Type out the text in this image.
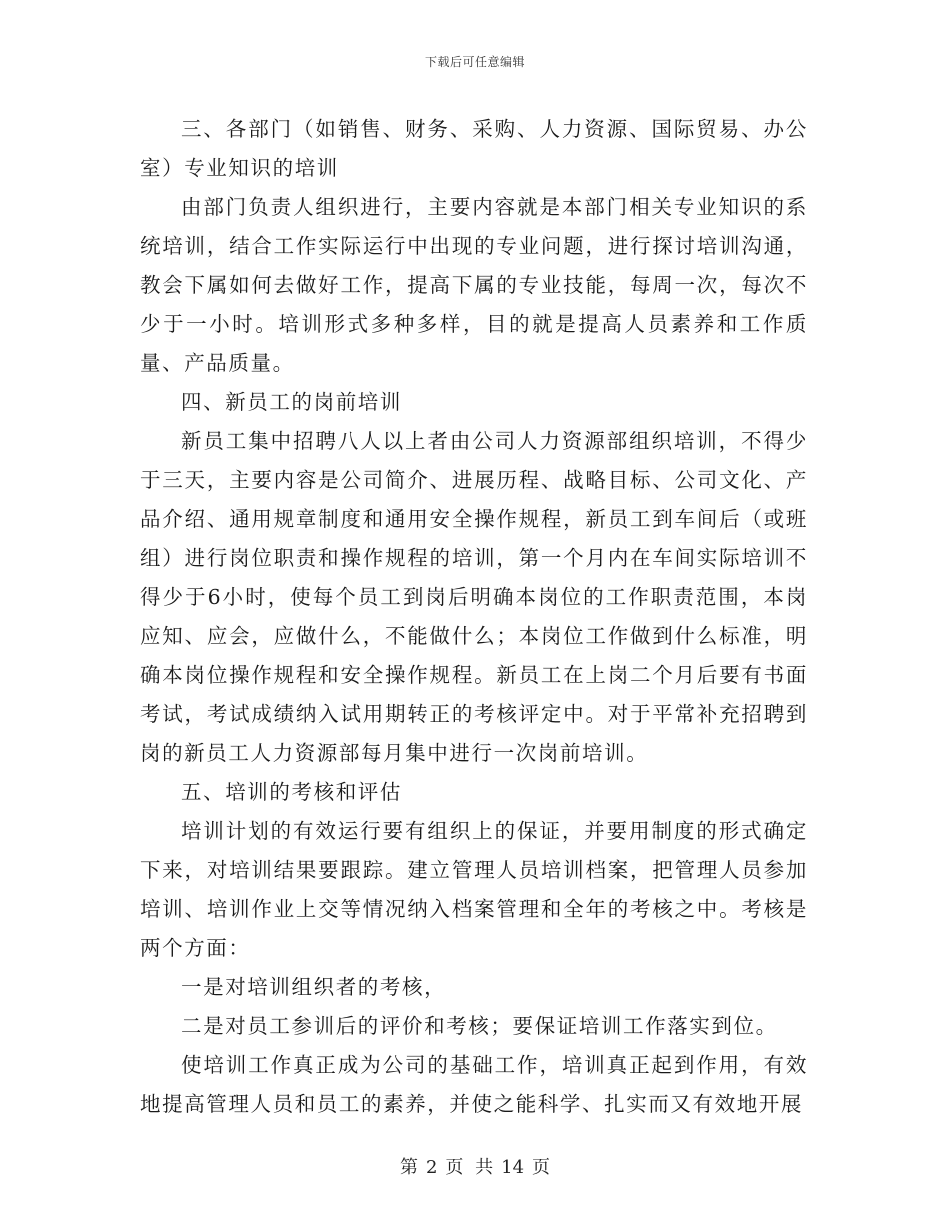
下载后可任意编辑

三、各部门（如销售、财务、采购、人力资源、国际贸易、办公室）专业知识的培训

由部门负责人组织进行，主要内容就是本部门相关专业知识的系统培训，结合工作实际运行中出现的专业问题，进行探讨培训沟通，教会下属如何去做好工作，提高下属的专业技能，每周一次，每次不少于一小时。培训形式多种多样，目的就是提高人员素养和工作质量、产品质量。

四、新员工的岗前培训

新员工集中招聘八人以上者由公司人力资源部组织培训，不得少于三天，主要内容是公司简介、进展历程、战略目标、公司文化、产品介绍、通用规章制度和通用安全操作规程，新员工到车间后（或班组）进行岗位职责和操作规程的培训，第一个月内在车间实际培训不得少于6小时，使每个员工到岗后明确本岗位的工作职责范围，本岗应知、应会，应做什么，不能做什么；本岗位工作做到什么标准，明确本岗位操作规程和安全操作规程。新员工在上岗二个月后要有书面考试，考试成绩纳入试用期转正的考核评定中。对于平常补充招聘到岗的新员工人力资源部每月集中进行一次岗前培训。

五、培训的考核和评估

培训计划的有效运行要有组织上的保证，并要用制度的形式确定下来，对培训结果要跟踪。建立管理人员培训档案，把管理人员参加培训、培训作业上交等情况纳入档案管理和全年的考核之中。考核是两个方面：

一是对培训组织者的考核，

二是对员工参训后的评价和考核；要保证培训工作落实到位。

使培训工作真正成为公司的基础工作，培训真正起到作用，有效地提高管理人员和员工的素养，并使之能科学、扎实而又有效地开展

第 2 页 共 14 页
